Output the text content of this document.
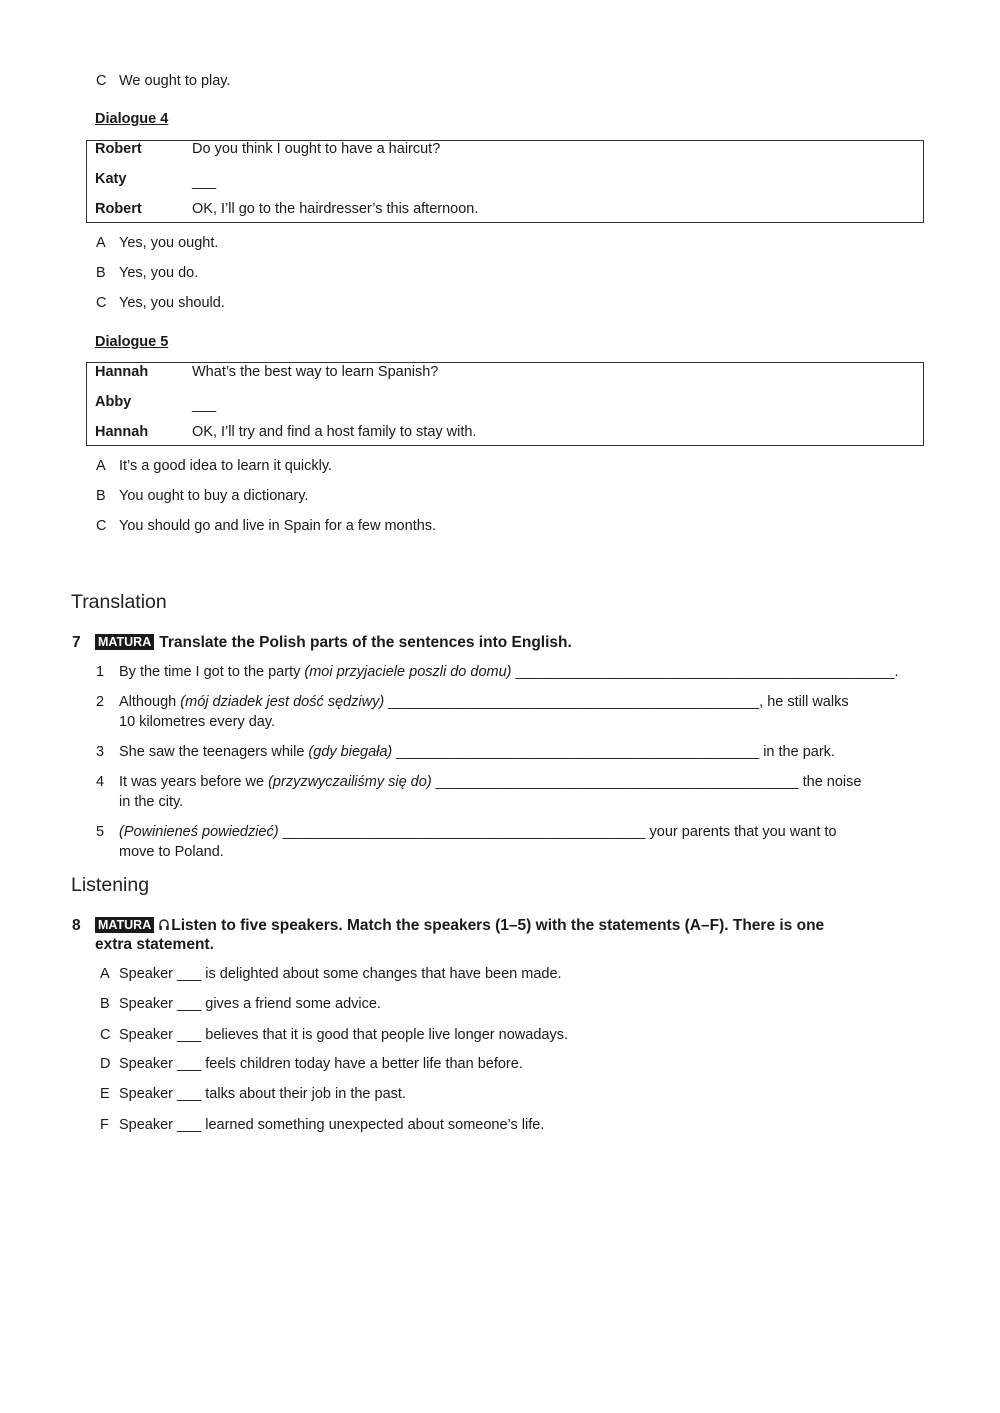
C We ought to play.
Dialogue 4
Robert	Do you think I ought to have a haircut?
Katy	___
Robert	OK, I’ll go to the hairdresser’s this afternoon.
A Yes, you ought.
B Yes, you do.
C Yes, you should.
Dialogue 5
Hannah	What’s the best way to learn Spanish?
Abby	___
Hannah	OK, I’ll try and find a host family to stay with.
A It’s a good idea to learn it quickly.
B You ought to buy a dictionary.
C You should go and live in Spain for a few months.
Translation
7 MATURA Translate the Polish parts of the sentences into English.
1 By the time I got to the party (moi przyjaciele poszli do domu) _______________________________________________.
2 Although (mój dziadek jest dość sędziwy) ______________________________________________, he still walks
10 kilometres every day.
3 She saw the teenagers while (gdy biegała) _____________________________________________ in the park.
4 It was years before we (przyzwyczailiśmy się do) _____________________________________________ the noise
in the city.
5 (Powinieneś powiedzieć) _____________________________________________ your parents that you want to
move to Poland.
Listening
8 MATURA Listen to five speakers. Match the speakers (1–5) with the statements (A–F). There is one
extra statement.
A Speaker ___ is delighted about some changes that have been made.
B Speaker ___ gives a friend some advice.
C Speaker ___ believes that it is good that people live longer nowadays.
D Speaker ___ feels children today have a better life than before.
E Speaker ___ talks about their job in the past.
F Speaker ___ learned something unexpected about someone’s life.
